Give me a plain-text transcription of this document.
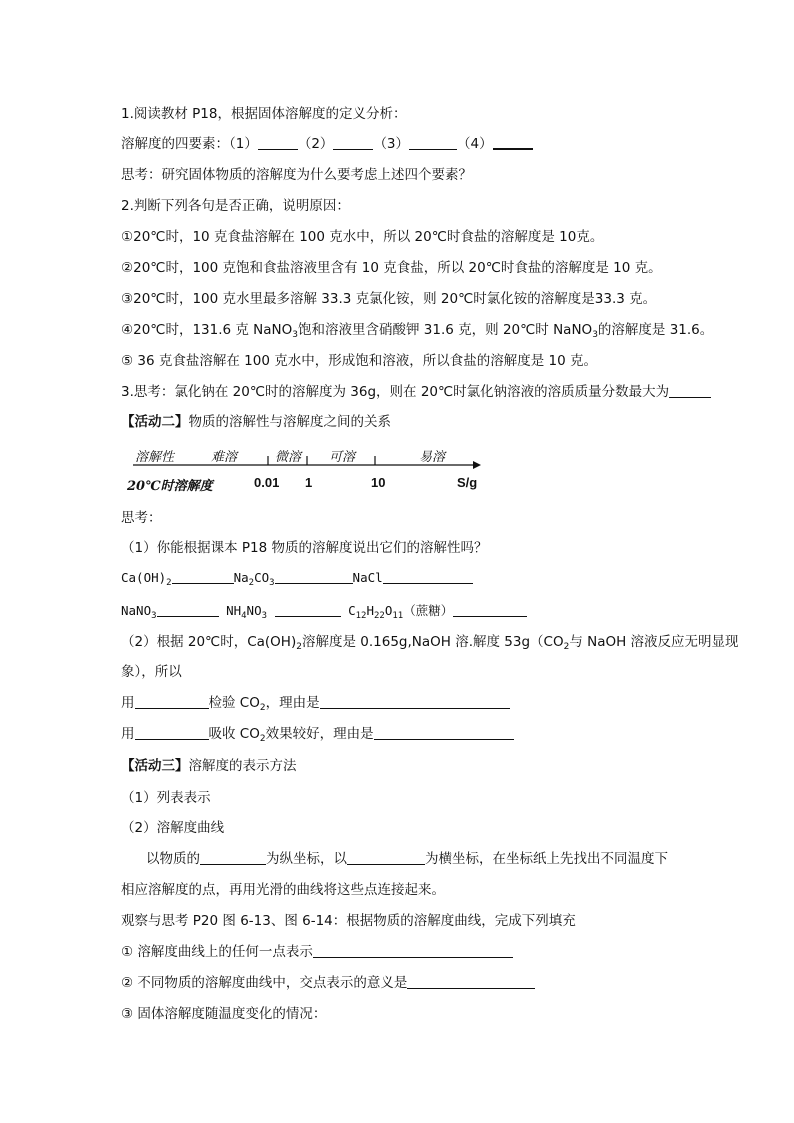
1.阅读教材 P18，根据固体溶解度的定义分析：
溶解度的四要素：（1）	（2）	（3）	（4）
思考：研究固体物质的溶解度为什么要考虑上述四个要素？
2.判断下列各句是否正确，说明原因：
①20℃时，10 克食盐溶解在 100 克水中，所以 20℃时食盐的溶解度是 10克。
②20℃时，100 克饱和食盐溶液里含有 10 克食盐，所以 20℃时食盐的溶解度是 10 克。
③20℃时，100 克水里最多溶解 33.3 克氯化铵，则 20℃时氯化铵的溶解度是33.3 克。
④20℃时，131.6 克 NaNO$_3$饱和溶液里含硝酸钾 31.6 克，则 20℃时 NaNO$_3$的溶解度是 31.6。
⑤ 36 克食盐溶解在 100 克水中，形成饱和溶液，所以食盐的溶解度是 10 克。
3.思考：氯化钠在 20℃时的溶解度为 36g，则在 20℃时氯化钠溶液的溶质质量分数最大为
【活动二】物质的溶解性与溶解度之间的关系
溶解性	难溶	微溶 可溶	易溶
20℃时溶解度	0.01 1	10	S/g
思考：
（1）你能根据课本 P18 物质的溶解度说出它们的溶解性吗？
$Ca(OH)_2$	$Na_2CO_3$	NaCl
NaNO$_3$	$NH_4NO_3$	$C_{12}H_{22}O_{11}$（蔗糖）
（2）根据 20℃时，$Ca(OH)_2$溶解度是 0.165g,NaOH 溶.解度 $53g(CO_2$与 NaOH 溶液反应无明显现
象），所以
用	检验 $CO_2$，理由是
用	吸收 $CO_2$效果较好，理由是
【活动三】溶解度的表示方法
（1）列表表示
（2）溶解度曲线
以物质的	为纵坐标，以	为横坐标，在坐标纸上先找出不同温度下
相应溶解度的点，再用光滑的曲线将这些点连接起来。
观察与思考 P20 图 6-13、图 6-14：根据物质的溶解度曲线，完成下列填充
① 溶解度曲线上的任何一点表示
② 不同物质的溶解度曲线中，交点表示的意义是
③ 固体溶解度随温度变化的情况：
